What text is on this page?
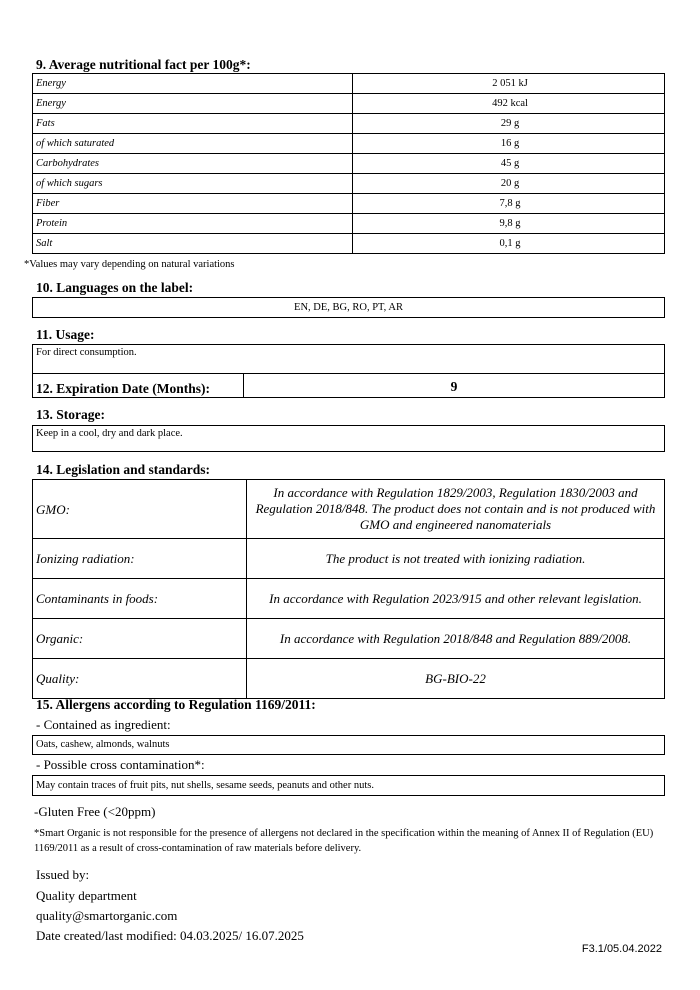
9. Average nutritional fact per 100g*:
Energy	2 051 kJ
Energy	492 kcal
Fats	29 g
of which saturated	16 g
Carbohydrates	45 g
of which sugars	20 g
Fiber	7,8 g
Protein	9,8 g
Salt	0,1 g
*Values may vary depending on natural variations
10. Languages on the label:
EN, DE, BG, RO, PT, AR
11. Usage:
For direct consumption.
12. Expiration Date (Months):	9
13. Storage:
Keep in a cool, dry and dark place.
14. Legislation and standards:
GMO:	In accordance with Regulation 1829/2003, Regulation 1830/2003 and Regulation 2018/848. The product does not contain and is not produced with GMO and engineered nanomaterials
Ionizing radiation:	The product is not treated with ionizing radiation.
Contaminants in foods:	In accordance with Regulation 2023/915 and other relevant legislation.
Organic:	In accordance with Regulation 2018/848 and Regulation 889/2008.
Quality:	BG-BIO-22
15. Allergens according to Regulation 1169/2011:
- Contained as ingredient:
Oats, cashew, almonds, walnuts
- Possible cross contamination*:
May contain traces of fruit pits, nut shells, sesame seeds, peanuts and other nuts.
-Gluten Free (<20ppm)
*Smart Organic is not responsible for the presence of allergens not declared in the specification within the meaning of Annex II of Regulation (EU) 1169/2011 as a result of cross-contamination of raw materials before delivery.
Issued by:
Quality department
quality@smartorganic.com
Date created/last modified: 04.03.2025/ 16.07.2025
F3.1/05.04.2022
